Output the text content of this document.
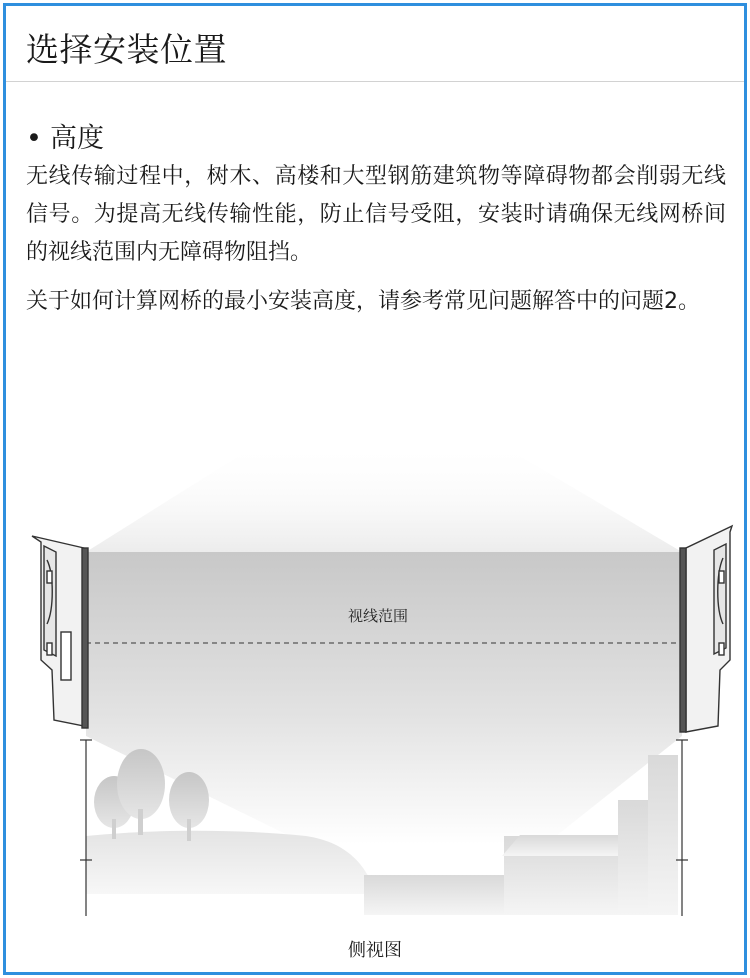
选择安装位置
• 高度
无线传输过程中，树木、高楼和大型钢筋建筑物等障碍物都会削弱无线信号。为提高无线传输性能，防止信号受阻，安装时请确保无线网桥间的视线范围内无障碍物阻挡。
关于如何计算网桥的最小安装高度，请参考常见问题解答中的问题2。
视线范围
侧视图
